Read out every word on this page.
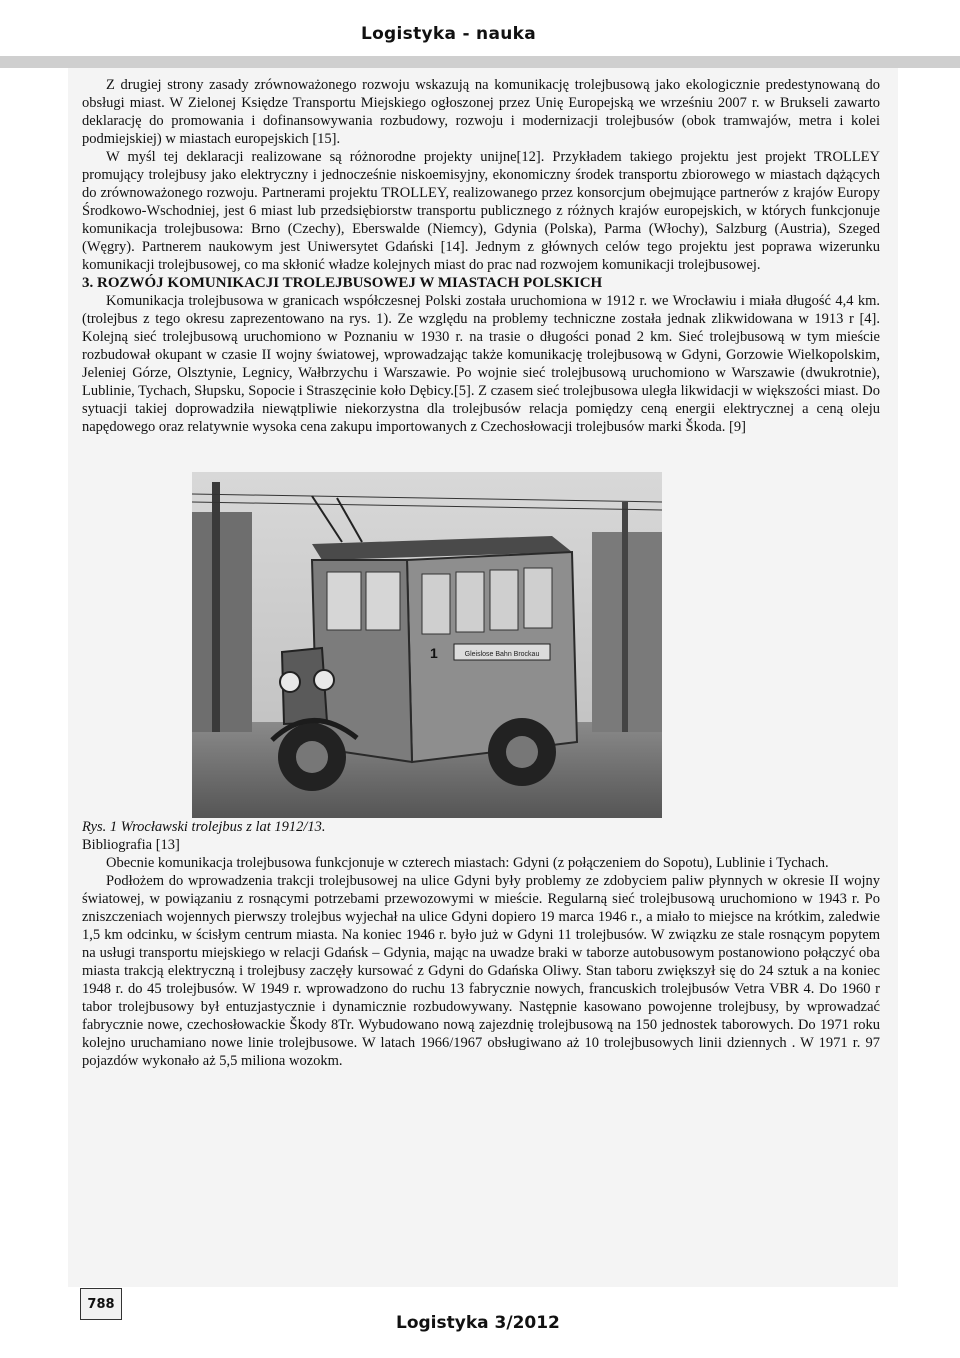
Logistyka - nauka

Z drugiej strony zasady zrównoważonego rozwoju wskazują na komunikację trolejbusową jako ekologicznie predestynowaną do obsługi miast. W Zielonej Księdze Transportu Miejskiego ogłoszonej przez Unię Europejską we wrześniu 2007 r. w Brukseli zawarto deklarację do promowania i dofinansowywania rozbudowy, rozwoju i modernizacji trolejbusów (obok tramwajów, metra i kolei podmiejskiej) w miastach europejskich [15].

W myśl tej deklaracji realizowane są różnorodne projekty unijne[12]. Przykładem takiego projektu jest projekt TROLLEY promujący trolejbusy jako elektryczny i jednocześnie niskoemisyjny, ekonomiczny środek transportu zbiorowego w miastach dążących do zrównoważonego rozwoju. Partnerami projektu TROLLEY, realizowanego przez konsorcjum obejmujące partnerów z krajów Europy Środkowo-Wschodniej, jest 6 miast lub przedsiębiorstw transportu publicznego z różnych krajów europejskich, w których funkcjonuje komunikacja trolejbusowa: Brno (Czechy), Eberswalde (Niemcy), Gdynia (Polska), Parma (Włochy), Salzburg (Austria), Szeged (Węgry). Partnerem naukowym jest Uniwersytet Gdański [14]. Jednym z głównych celów tego projektu jest poprawa wizerunku komunikacji trolejbusowej, co ma skłonić władze kolejnych miast do prac nad rozwojem komunikacji trolejbusowej.

3. ROZWÓJ KOMUNIKACJI TROLEJBUSOWEJ W MIASTACH POLSKICH

Komunikacja trolejbusowa w granicach współczesnej Polski została uruchomiona w 1912 r. we Wrocławiu i miała długość 4,4 km. (trolejbus z tego okresu zaprezentowano na rys. 1). Ze względu na problemy techniczne została jednak zlikwidowana w 1913 r [4]. Kolejną sieć trolejbusową uruchomiono w Poznaniu w 1930 r. na trasie o długości ponad 2 km. Sieć trolejbusową w tym mieście rozbudował okupant w czasie II wojny światowej, wprowadzając także komunikację trolejbusową w Gdyni, Gorzowie Wielkopolskim, Jeleniej Górze, Olsztynie, Legnicy, Wałbrzychu i Warszawie. Po wojnie sieć trolejbusową uruchomiono w Warszawie (dwukrotnie), Lublinie, Tychach, Słupsku, Sopocie i Straszęcinie koło Dębicy.[5]. Z czasem sieć trolejbusowa uległa likwidacji w większości miast. Do sytuacji takiej doprowadziła niewątpliwie niekorzystna dla trolejbusów relacja pomiędzy ceną energii elektrycznej a ceną oleju napędowego oraz relatywnie wysoka cena zakupu importowanych z Czechosłowacji trolejbusów marki Škoda. [9]

Gleislose Bahn Brockau
1

Rys. 1 Wrocławski trolejbus z lat 1912/13.

Bibliografia [13]

Obecnie komunikacja trolejbusowa funkcjonuje w czterech miastach: Gdyni (z połączeniem do Sopotu), Lublinie i Tychach.

Podłożem do wprowadzenia trakcji trolejbusowej na ulice Gdyni były problemy ze zdobyciem paliw płynnych w okresie II wojny światowej, w powiązaniu z rosnącymi potrzebami przewozowymi w mieście. Regularną sieć trolejbusową uruchomiono w 1943 r. Po zniszczeniach wojennych pierwszy trolejbus wyjechał na ulice Gdyni dopiero 19 marca 1946 r., a miało to miejsce na krótkim, zaledwie 1,5 km odcinku, w ścisłym centrum miasta. Na koniec 1946 r. było już w Gdyni 11 trolejbusów. W związku ze stale rosnącym popytem na usługi transportu miejskiego w relacji Gdańsk – Gdynia, mając na uwadze braki w taborze autobusowym postanowiono połączyć oba miasta trakcją elektryczną i trolejbusy zaczęły kursować z Gdyni do Gdańska Oliwy. Stan taboru zwiększył się do 24 sztuk a na koniec 1948 r. do 45 trolejbusów. W 1949 r. wprowadzono do ruchu 13 fabrycznie nowych, francuskich trolejbusów Vetra VBR 4. Do 1960 r tabor trolejbusowy był entuzjastycznie i dynamicznie rozbudowywany. Następnie kasowano powojenne trolejbusy, by wprowadzać fabrycznie nowe, czechosłowackie Škody 8Tr. Wybudowano nową zajezdnię trolejbusową na 150 jednostek taborowych. Do 1971 roku kolejno uruchamiano nowe linie trolejbusowe. W latach 1966/1967 obsługiwano aż 10 trolejbusowych linii dziennych . W 1971 r. 97 pojazdów wykonało aż 5,5 miliona wozokm.

788
Logistyka 3/2012
